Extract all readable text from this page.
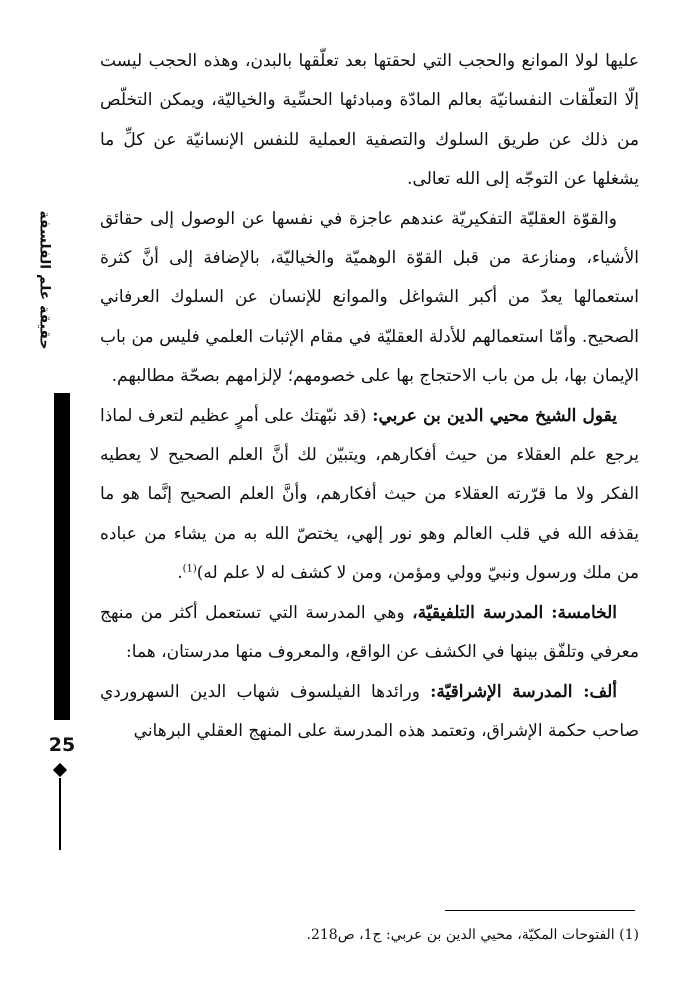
حقيقة علم الفلسفة
25

عليها لولا الموانع والحجب التي لحقتها بعد تعلّقها بالبدن، وهذه الحجب ليست إلّا التعلّقات النفسانيّة بعالم المادّة ومبادئها الحسِّية والخياليّة، ويمكن التخلّص من ذلك عن طريق السلوك والتصفية العملية للنفس الإنسانيّة عن كلِّ ما يشغلها عن التوجّه إلى الله تعالى.

والقوّة العقليّة التفكيريّة عندهم عاجزة في نفسها عن الوصول إلى حقائق الأشياء، ومنازعة من قبل القوّة الوهميّة والخياليّة، بالإضافة إلى أنَّ كثرة استعمالها يعدّ من أكبر الشواغل والموانع للإنسان عن السلوك العرفاني الصحيح. وأمّا استعمالهم للأدلة العقليّة في مقام الإثبات العلمي فليس من باب الإيمان بها، بل من باب الاحتجاج بها على خصومهم؛ لإلزامهم بصحّة مطالبهم.

يقول الشيخ محيي الدين بن عربي: (قد نبّهتك على أمرٍ عظيم لتعرف لماذا يرجع علم العقلاء من حيث أفكارهم، ويتبيّن لك أنَّ العلم الصحيح لا يعطيه الفكر ولا ما قرّرته العقلاء من حيث أفكارهم، وأنَّ العلم الصحيح إنَّما هو ما يقذفه الله في قلب العالم وهو نور إلهي، يختصّ الله به من يشاء من عباده من ملك ورسول ونبيّ وولي ومؤمن، ومن لا كشف له لا علم له)$^{(1)}$.

الخامسة: المدرسة التلفيقيّة، وهي المدرسة التي تستعمل أكثر من منهج معرفي وتلفّق بينها في الكشف عن الواقع، والمعروف منها مدرستان، هما:

ألف: المدرسة الإشراقيّة: ورائدها الفيلسوف شهاب الدين السهروردي صاحب حكمة الإشراق، وتعتمد هذه المدرسة على المنهج العقلي البرهاني

(1) الفتوحات المكيّة، محيي الدين بن عربي: ج1، ص218.
